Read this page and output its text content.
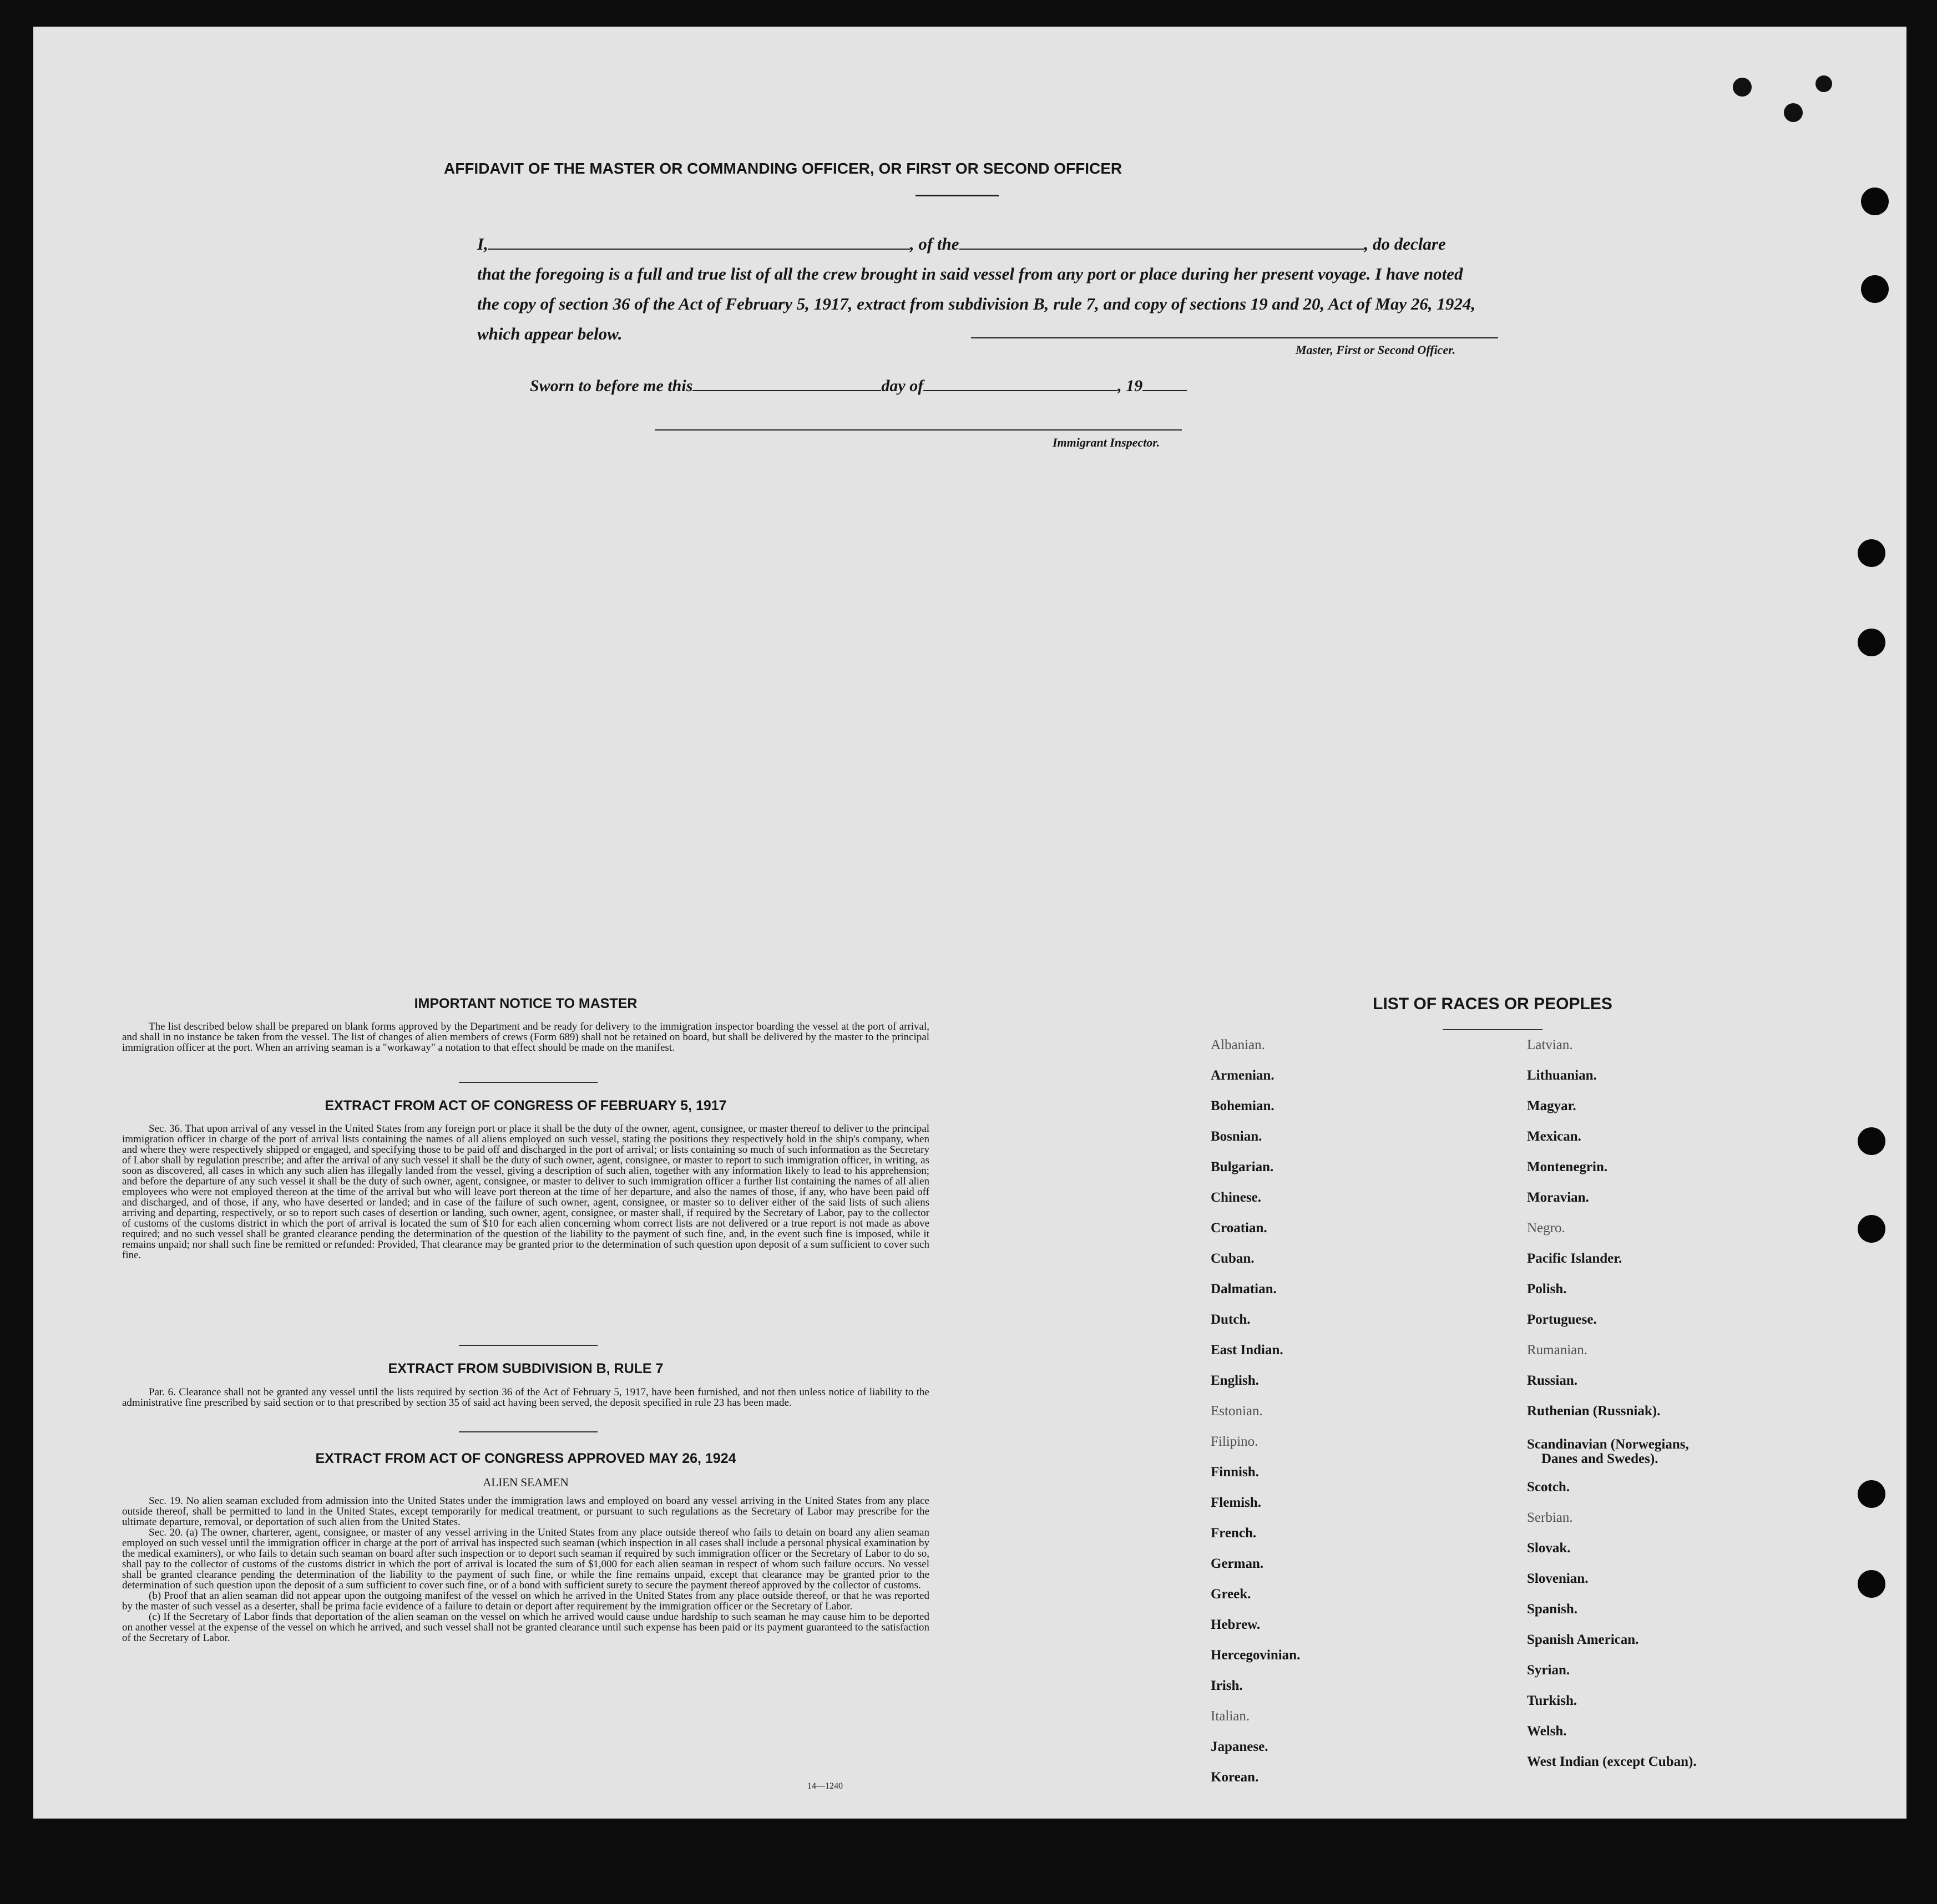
AFFIDAVIT OF THE MASTER OR COMMANDING OFFICER, OR FIRST OR SECOND OFFICER

I,	, of the	, do declare

that the foregoing is a full and true list of all the crew brought in said vessel from any port or place during her present voyage. I have noted

the copy of section 36 of the Act of February 5, 1917, extract from subdivision B, rule 7, and copy of sections 19 and 20, Act of May 26, 1924,

which appear below.

Master, First or Second Officer.
Sworn to before me this	day of	, 19
Immigrant Inspector.
IMPORTANT NOTICE TO MASTER

The list described below shall be prepared on blank forms approved by the Department and be ready for delivery to the immigration inspector boarding the vessel at the port of arrival, and shall in no instance be taken from the vessel. The list of changes of alien members of crews (Form 689) shall not be retained on board, but shall be delivered by the master to the principal immigration officer at the port. When an arriving seaman is a "workaway" a notation to that effect should be made on the manifest.

EXTRACT FROM ACT OF CONGRESS OF FEBRUARY 5, 1917

Sec. 36. That upon arrival of any vessel in the United States from any foreign port or place it shall be the duty of the owner, agent, consignee, or master thereof to deliver to the principal immigration officer in charge of the port of arrival lists containing the names of all aliens employed on such vessel, stating the positions they respectively hold in the ship's company, when and where they were respectively shipped or engaged, and specifying those to be paid off and discharged in the port of arrival; or lists containing so much of such information as the Secretary of Labor shall by regulation prescribe; and after the arrival of any such vessel it shall be the duty of such owner, agent, consignee, or master to report to such immigration officer, in writing, as soon as discovered, all cases in which any such alien has illegally landed from the vessel, giving a description of such alien, together with any information likely to lead to his apprehension; and before the departure of any such vessel it shall be the duty of such owner, agent, consignee, or master to deliver to such immigration officer a further list containing the names of all alien employees who were not employed thereon at the time of the arrival but who will leave port thereon at the time of her departure, and also the names of those, if any, who have been paid off and discharged, and of those, if any, who have deserted or landed; and in case of the failure of such owner, agent, consignee, or master so to deliver either of the said lists of such aliens arriving and departing, respectively, or so to report such cases of desertion or landing, such owner, agent, consignee, or master shall, if required by the Secretary of Labor, pay to the collector of customs of the customs district in which the port of arrival is located the sum of $10 for each alien concerning whom correct lists are not delivered or a true report is not made as above required; and no such vessel shall be granted clearance pending the determination of the question of the liability to the payment of such fine, and, in the event such fine is imposed, while it remains unpaid; nor shall such fine be remitted or refunded: Provided, That clearance may be granted prior to the determination of such question upon deposit of a sum sufficient to cover such fine.

EXTRACT FROM SUBDIVISION B, RULE 7

Par. 6. Clearance shall not be granted any vessel until the lists required by section 36 of the Act of February 5, 1917, have been furnished, and not then unless notice of liability to the administrative fine prescribed by said section or to that prescribed by section 35 of said act having been served, the deposit specified in rule 23 has been made.

EXTRACT FROM ACT OF CONGRESS APPROVED MAY 26, 1924
ALIEN SEAMEN

Sec. 19. No alien seaman excluded from admission into the United States under the immigration laws and employed on board any vessel arriving in the United States from any place outside thereof, shall be permitted to land in the United States, except temporarily for medical treatment, or pursuant to such regulations as the Secretary of Labor may prescribe for the ultimate departure, removal, or deportation of such alien from the United States.

Sec. 20. (a) The owner, charterer, agent, consignee, or master of any vessel arriving in the United States from any place outside thereof who fails to detain on board any alien seaman employed on such vessel until the immigration officer in charge at the port of arrival has inspected such seaman (which inspection in all cases shall include a personal physical examination by the medical examiners), or who fails to detain such seaman on board after such inspection or to deport such seaman if required by such immigration officer or the Secretary of Labor to do so, shall pay to the collector of customs of the customs district in which the port of arrival is located the sum of $1,000 for each alien seaman in respect of whom such failure occurs. No vessel shall be granted clearance pending the determination of the liability to the payment of such fine, or while the fine remains unpaid, except that clearance may be granted prior to the determination of such question upon the deposit of a sum sufficient to cover such fine, or of a bond with sufficient surety to secure the payment thereof approved by the collector of customs.

(b) Proof that an alien seaman did not appear upon the outgoing manifest of the vessel on which he arrived in the United States from any place outside thereof, or that he was reported by the master of such vessel as a deserter, shall be prima facie evidence of a failure to detain or deport after requirement by the immigration officer or the Secretary of Labor.

(c) If the Secretary of Labor finds that deportation of the alien seaman on the vessel on which he arrived would cause undue hardship to such seaman he may cause him to be deported on another vessel at the expense of the vessel on which he arrived, and such vessel shall not be granted clearance until such expense has been paid or its payment guaranteed to the satisfaction of the Secretary of Labor.

14—1240
LIST OF RACES OR PEOPLES
Albanian.
Armenian.
Bohemian.
Bosnian.
Bulgarian.
Chinese.
Croatian.
Cuban.
Dalmatian.
Dutch.
East Indian.
English.
Estonian.
Filipino.
Finnish.
Flemish.
French.
German.
Greek.
Hebrew.
Hercegovinian.
Irish.
Italian.
Japanese.
Korean.
Latvian.
Lithuanian.
Magyar.
Mexican.
Montenegrin.
Moravian.
Negro.
Pacific Islander.
Polish.
Portuguese.
Rumanian.
Russian.
Ruthenian (Russniak).
Scandinavian (Norwegians,
Danes and Swedes).
Scotch.
Serbian.
Slovak.
Slovenian.
Spanish.
Spanish American.
Syrian.
Turkish.
Welsh.
West Indian (except Cuban).
